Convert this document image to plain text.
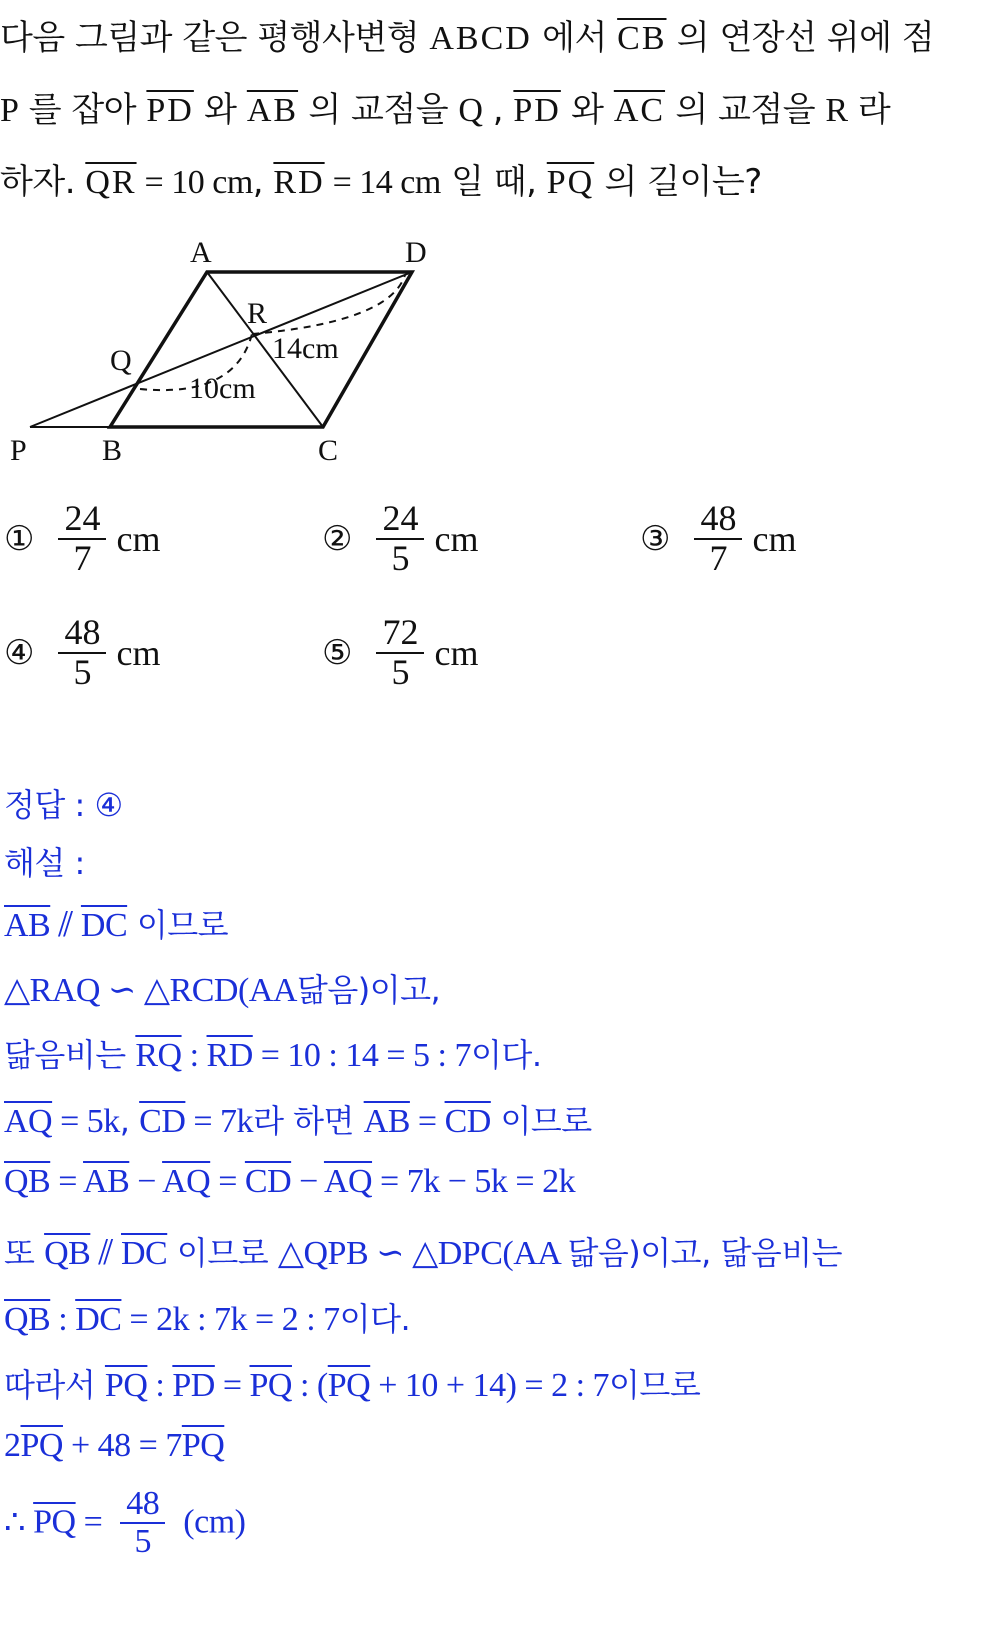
다음 그림과 같은 평행사변형 ABCD 에서 $\overline{CB}$ 의 연장선 위에 점
P 를 잡아 $\overline{PD}$ 와 $\overline{AB}$ 의 교점을 Q , $\overline{PD}$ 와 $\overline{AC}$ 의 교점을 R 라
하자. $\overline{QR} = 10$ cm, $\overline{RD} = 14$ cm 일 때, $\overline{PQ}$ 의 길이는?
A	D
R
Q
P	B	C
10cm
14cm
① $\frac{24}{7}$ cm	② $\frac{24}{5}$ cm	③ $\frac{48}{7}$ cm
④ $\frac{48}{5}$ cm	⑤ $\frac{72}{5}$ cm
정답 : ④
해설 :
$\overline{AB}$ ⫽ $\overline{DC}$ 이므로
△RAQ ∽ △RCD(AA닮음)이고,
닮음비는 $\overline{RQ}$ : $\overline{RD} = 10$ : 14 = 5 : 7이다.
$\overline{AQ} = 5k$, $\overline{CD} = 7k$라 하면 $\overline{AB} = \overline{CD}$ 이므로
$\overline{QB} = \overline{AB} - \overline{AQ} = \overline{CD} - \overline{AQ} = 7k - 5k = 2k$
또 $\overline{QB}$ ⫽ $\overline{DC}$ 이므로 △QPB ∽ △DPC(AA 닮음)이고, 닮음비는
$\overline{QB}$ : $\overline{DC} = 2k$ : 7k = 2 : 7이다.
따라서 $\overline{PQ}$ : $\overline{PD} = \overline{PQ}$ : $(\overline{PQ} + 10 + 14) = 2$ : 7이므로
$2\overline{PQ} + 48 = 7\overline{PQ}$
∴ $\overline{PQ} = \frac{48}{5} (cm)$
